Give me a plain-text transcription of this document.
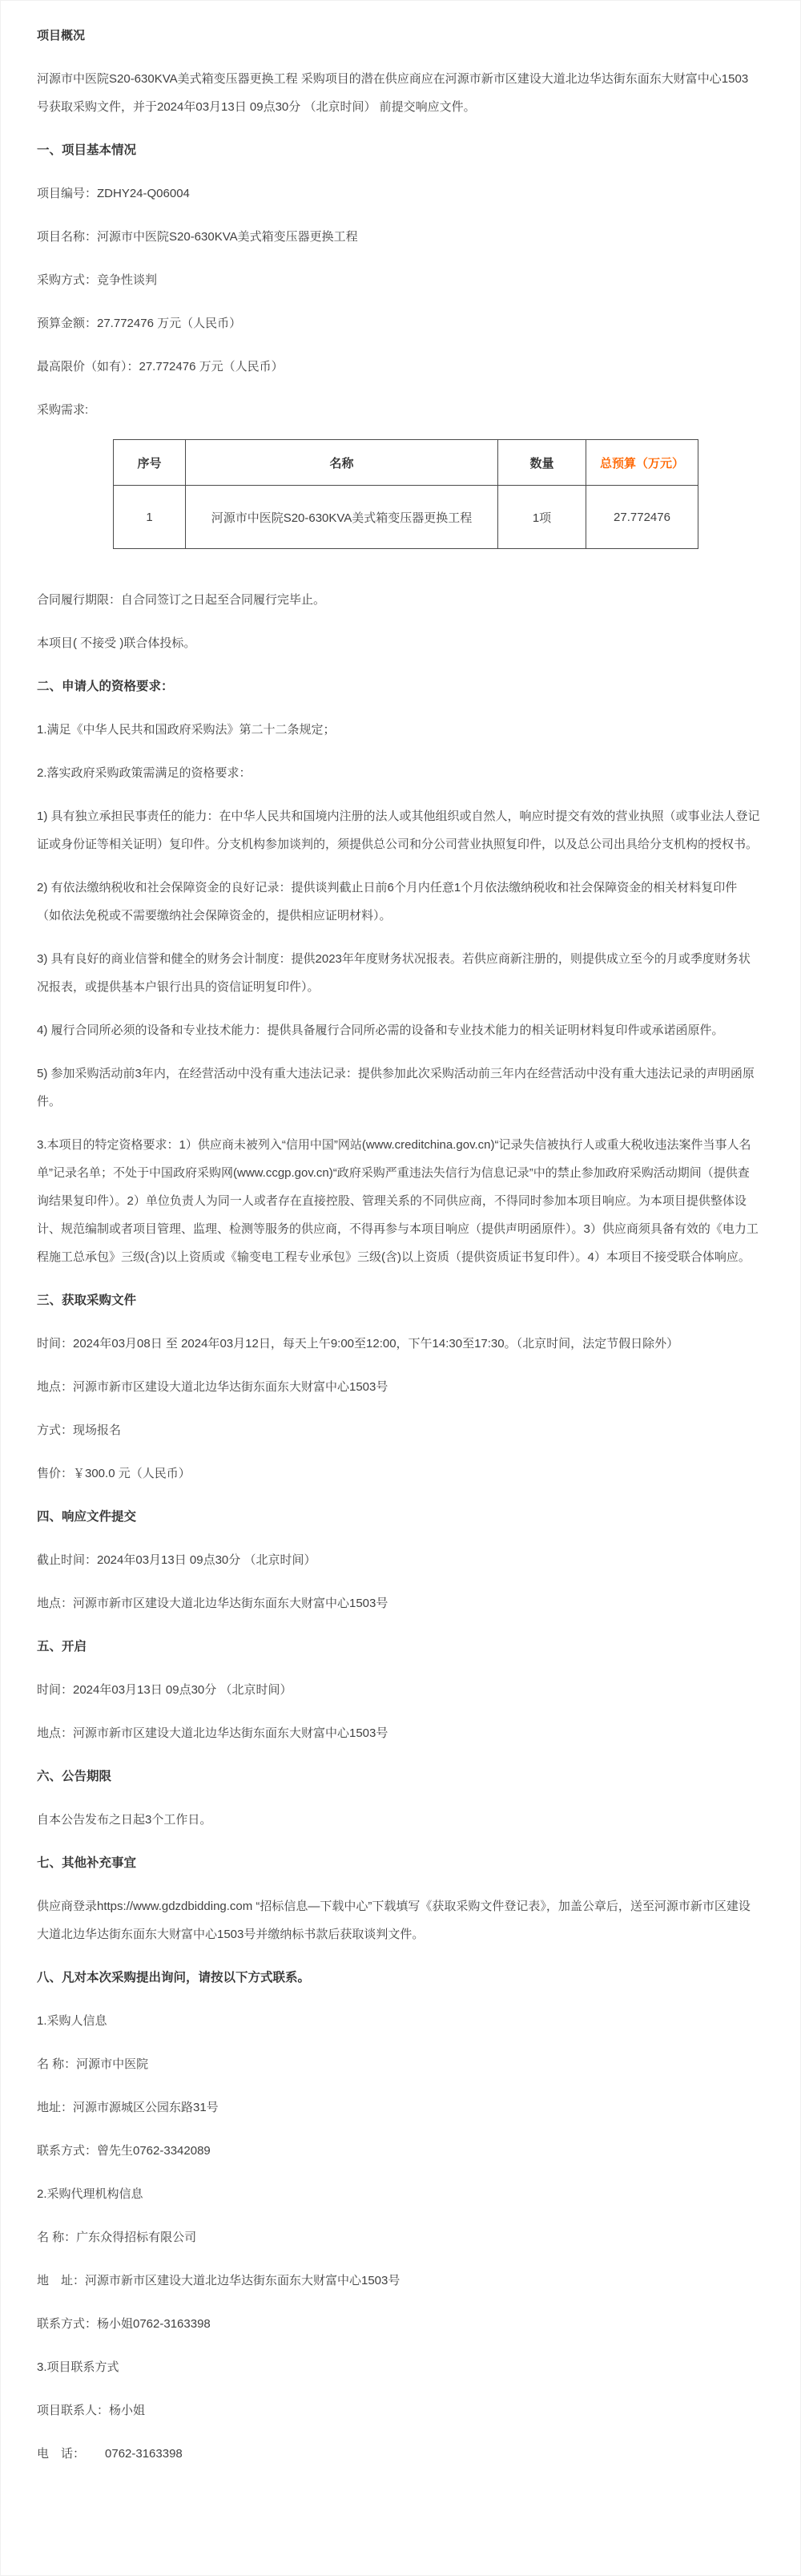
项目概况

河源市中医院S20-630KVA美式箱变压器更换工程 采购项目的潜在供应商应在河源市新市区建设大道北边华达街东面东大财富中心1503号获取采购文件，并于2024年03月13日 09点30分 （北京时间） 前提交响应文件。

一、项目基本情况

项目编号：ZDHY24-Q06004

项目名称：河源市中医院S20-630KVA美式箱变压器更换工程

采购方式：竞争性谈判

预算金额：27.772476 万元（人民币）

最高限价（如有）：27.772476 万元（人民币）

采购需求:

序号	名称	数量	总预算（万元）
1	河源市中医院S20-630KVA美式箱变压器更换工程	1项	27.772476

合同履行期限：自合同签订之日起至合同履行完毕止。

本项目( 不接受 )联合体投标。

二、申请人的资格要求：

1.满足《中华人民共和国政府采购法》第二十二条规定；

2.落实政府采购政策需满足的资格要求：

1) 具有独立承担民事责任的能力：在中华人民共和国境内注册的法人或其他组织或自然人，响应时提交有效的营业执照（或事业法人登记证或身份证等相关证明）复印件。分支机构参加谈判的，须提供总公司和分公司营业执照复印件，以及总公司出具给分支机构的授权书。

2) 有依法缴纳税收和社会保障资金的良好记录：提供谈判截止日前6个月内任意1个月依法缴纳税收和社会保障资金的相关材料复印件（如依法免税或不需要缴纳社会保障资金的，提供相应证明材料）。

3) 具有良好的商业信誉和健全的财务会计制度：提供2023年年度财务状况报表。若供应商新注册的，则提供成立至今的月或季度财务状况报表，或提供基本户银行出具的资信证明复印件）。

4) 履行合同所必须的设备和专业技术能力：提供具备履行合同所必需的设备和专业技术能力的相关证明材料复印件或承诺函原件。

5) 参加采购活动前3年内，在经营活动中没有重大违法记录：提供参加此次采购活动前三年内在经营活动中没有重大违法记录的声明函原件。

3.本项目的特定资格要求：1）供应商未被列入“信用中国”网站(www.creditchina.gov.cn)“记录失信被执行人或重大税收违法案件当事人名单”记录名单；不处于中国政府采购网(www.ccgp.gov.cn)“政府采购严重违法失信行为信息记录”中的禁止参加政府采购活动期间（提供查询结果复印件）。2）单位负责人为同一人或者存在直接控股、管理关系的不同供应商，不得同时参加本项目响应。为本项目提供整体设计、规范编制或者项目管理、监理、检测等服务的供应商，不得再参与本项目响应（提供声明函原件）。3）供应商须具备有效的《电力工程施工总承包》三级(含)以上资质或《输变电工程专业承包》三级(含)以上资质（提供资质证书复印件）。4）本项目不接受联合体响应。

三、获取采购文件

时间：2024年03月08日 至 2024年03月12日，每天上午9:00至12:00，下午14:30至17:30。（北京时间，法定节假日除外）

地点：河源市新市区建设大道北边华达街东面东大财富中心1503号

方式：现场报名

售价：￥300.0 元（人民币）

四、响应文件提交

截止时间：2024年03月13日 09点30分 （北京时间）

地点：河源市新市区建设大道北边华达街东面东大财富中心1503号

五、开启

时间：2024年03月13日 09点30分 （北京时间）

地点：河源市新市区建设大道北边华达街东面东大财富中心1503号

六、公告期限

自本公告发布之日起3个工作日。

七、其他补充事宜

供应商登录https://www.gdzdbidding.com “招标信息—下载中心”下载填写《获取采购文件登记表》，加盖公章后，送至河源市新市区建设大道北边华达街东面东大财富中心1503号并缴纳标书款后获取谈判文件。

八、凡对本次采购提出询问，请按以下方式联系。

1.采购人信息

名 称：河源市中医院

地址：河源市源城区公园东路31号

联系方式：曾先生0762-3342089

2.采购代理机构信息

名 称：广东众得招标有限公司

地　址：河源市新市区建设大道北边华达街东面东大财富中心1503号

联系方式：杨小姐0762-3163398

3.项目联系方式

项目联系人：杨小姐

电　话：      0762-3163398
